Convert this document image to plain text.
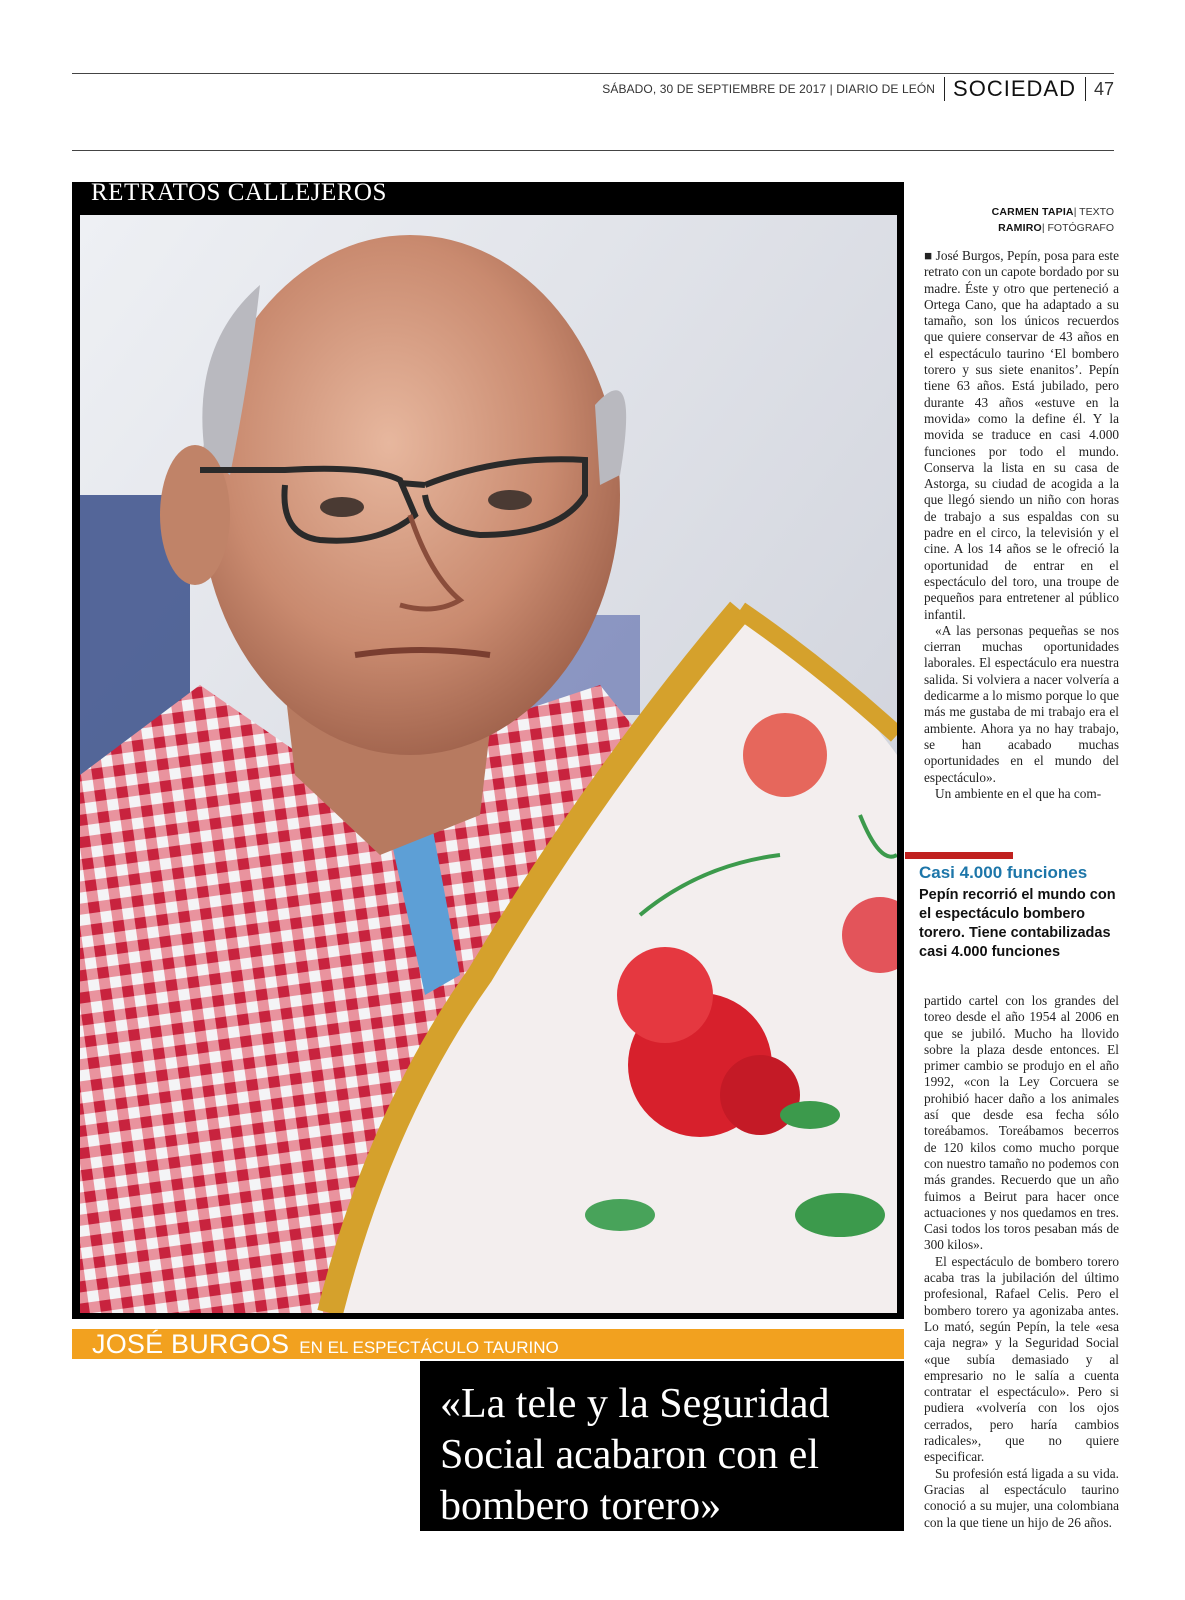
SÁBADO, 30 DE SEPTIEMBRE DE 2017 | DIARIO DE LEÓN SOCIEDAD 47
RETRATOS CALLEJEROS
JOSÉ BURGOS EN EL ESPECTÁCULO TAURINO
«La tele y la Seguridad
Social acabaron con el
bombero torero»
CARMEN TAPIA| TEXTO
RAMIRO| FOTÓGRAFO

■ José Burgos, Pepín, posa para este retrato con un capote bordado por su madre. Éste y otro que perteneció a Ortega Cano, que ha adaptado a su tamaño, son los únicos recuerdos que quiere conservar de 43 años en el espectáculo taurino ‘El bombero torero y sus siete enanitos’. Pepín tiene 63 años. Está jubilado, pero durante 43 años «estuve en la movida» como la define él. Y la movida se traduce en casi 4.000 funciones por todo el mundo. Conserva la lista en su casa de Astorga, su ciudad de acogida a la que llegó siendo un niño con horas de trabajo a sus espaldas con su padre en el circo, la televisión y el cine. A los 14 años se le ofreció la oportunidad de entrar en el espectáculo del toro, una troupe de pequeños para entretener al público infantil.

«A las personas pequeñas se nos cierran muchas oportunidades laborales. El espectáculo era nuestra salida. Si volviera a nacer volvería a dedicarme a lo mismo porque lo que más me gustaba de mi trabajo era el ambiente. Ahora ya no hay trabajo, se han acabado muchas oportunidades en el mundo del espectáculo».

Un ambiente en el que ha com-

Casi 4.000 funciones
Pepín recorrió el mundo con
el espectáculo bombero
torero. Tiene contabilizadas
casi 4.000 funciones

partido cartel con los grandes del toreo desde el año 1954 al 2006 en que se jubiló. Mucho ha llovido sobre la plaza desde entonces. El primer cambio se produjo en el año 1992, «con la Ley Corcuera se prohibió hacer daño a los animales así que desde esa fecha sólo toreábamos. Toreábamos becerros de 120 kilos como mucho porque con nuestro tamaño no podemos con más grandes. Recuerdo que un año fuimos a Beirut para hacer once actuaciones y nos quedamos en tres. Casi todos los toros pesaban más de 300 kilos».

El espectáculo de bombero torero acaba tras la jubilación del último profesional, Rafael Celis. Pero el bombero torero ya agonizaba antes. Lo mató, según Pepín, la tele «esa caja negra» y la Seguridad Social «que subía demasiado y al empresario no le salía a cuenta contratar el espectáculo». Pero si pudiera «volvería con los ojos cerrados, pero haría cambios radicales», que no quiere especificar.

Su profesión está ligada a su vida. Gracias al espectáculo taurino conoció a su mujer, una colombiana con la que tiene un hijo de 26 años.
